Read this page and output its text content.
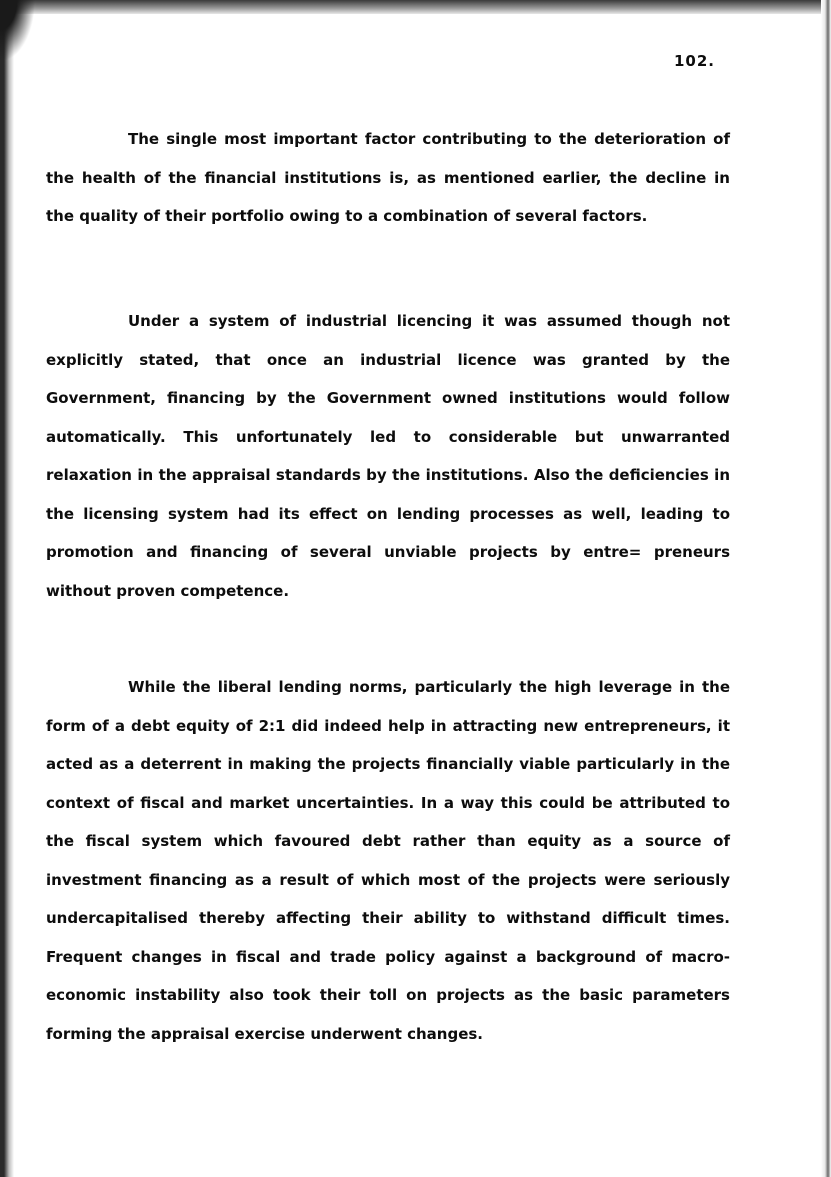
102.

The single most important factor contributing to the deterioration of the health of the financial institutions is, as mentioned earlier, the decline in the quality of their portfolio owing to a combination of several factors.

Under a system of industrial licencing it was assumed though not explicitly stated, that once an industrial licence was granted by the Government, financing by the Government owned institutions would follow automatically. This unfortunately led to considerable but unwarranted relaxation in the appraisal standards by the institutions. Also the deficiencies in the licensing system had its effect on lending processes as well, leading to promotion and financing of several unviable projects by entre= preneurs without proven competence.

While the liberal lending norms, particularly the high leverage in the form of a debt equity of 2:1 did indeed help in attracting new entrepreneurs, it acted as a deterrent in making the projects financially viable particularly in the context of fiscal and market uncertainties. In a way this could be attributed to the fiscal system which favoured debt rather than equity as a source of investment financing as a result of which most of the projects were seriously undercapitalised thereby affecting their ability to withstand difficult times. Frequent changes in fiscal and trade policy against a background of macro-economic instability also took their toll on projects as the basic parameters forming the appraisal exercise underwent changes.
